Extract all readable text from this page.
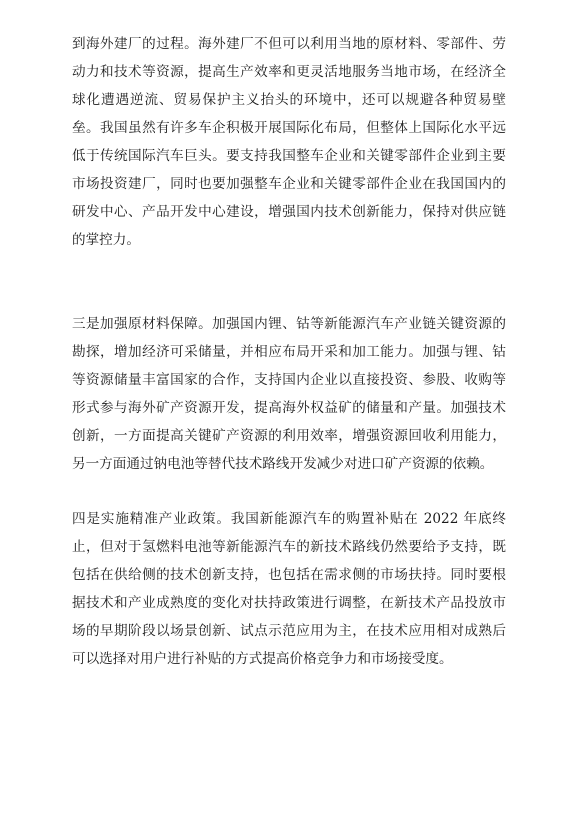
到海外建厂的过程。海外建厂不但可以利用当地的原材料、零部件、劳动力和技术等资源，提高生产效率和更灵活地服务当地市场，在经济全球化遭遇逆流、贸易保护主义抬头的环境中，还可以规避各种贸易壁垒。我国虽然有许多车企积极开展国际化布局，但整体上国际化水平远低于传统国际汽车巨头。要支持我国整车企业和关键零部件企业到主要市场投资建厂，同时也要加强整车企业和关键零部件企业在我国国内的研发中心、产品开发中心建设，增强国内技术创新能力，保持对供应链的掌控力。

三是加强原材料保障。加强国内锂、钴等新能源汽车产业链关键资源的勘探，增加经济可采储量，并相应布局开采和加工能力。加强与锂、钴等资源储量丰富国家的合作，支持国内企业以直接投资、参股、收购等形式参与海外矿产资源开发，提高海外权益矿的储量和产量。加强技术创新，一方面提高关键矿产资源的利用效率，增强资源回收利用能力，另一方面通过钠电池等替代技术路线开发减少对进口矿产资源的依赖。

四是实施精准产业政策。我国新能源汽车的购置补贴在 2022 年底终止，但对于氢燃料电池等新能源汽车的新技术路线仍然要给予支持，既包括在供给侧的技术创新支持，也包括在需求侧的市场扶持。同时要根据技术和产业成熟度的变化对扶持政策进行调整，在新技术产品投放市场的早期阶段以场景创新、试点示范应用为主，在技术应用相对成熟后可以选择对用户进行补贴的方式提高价格竞争力和市场接受度。
